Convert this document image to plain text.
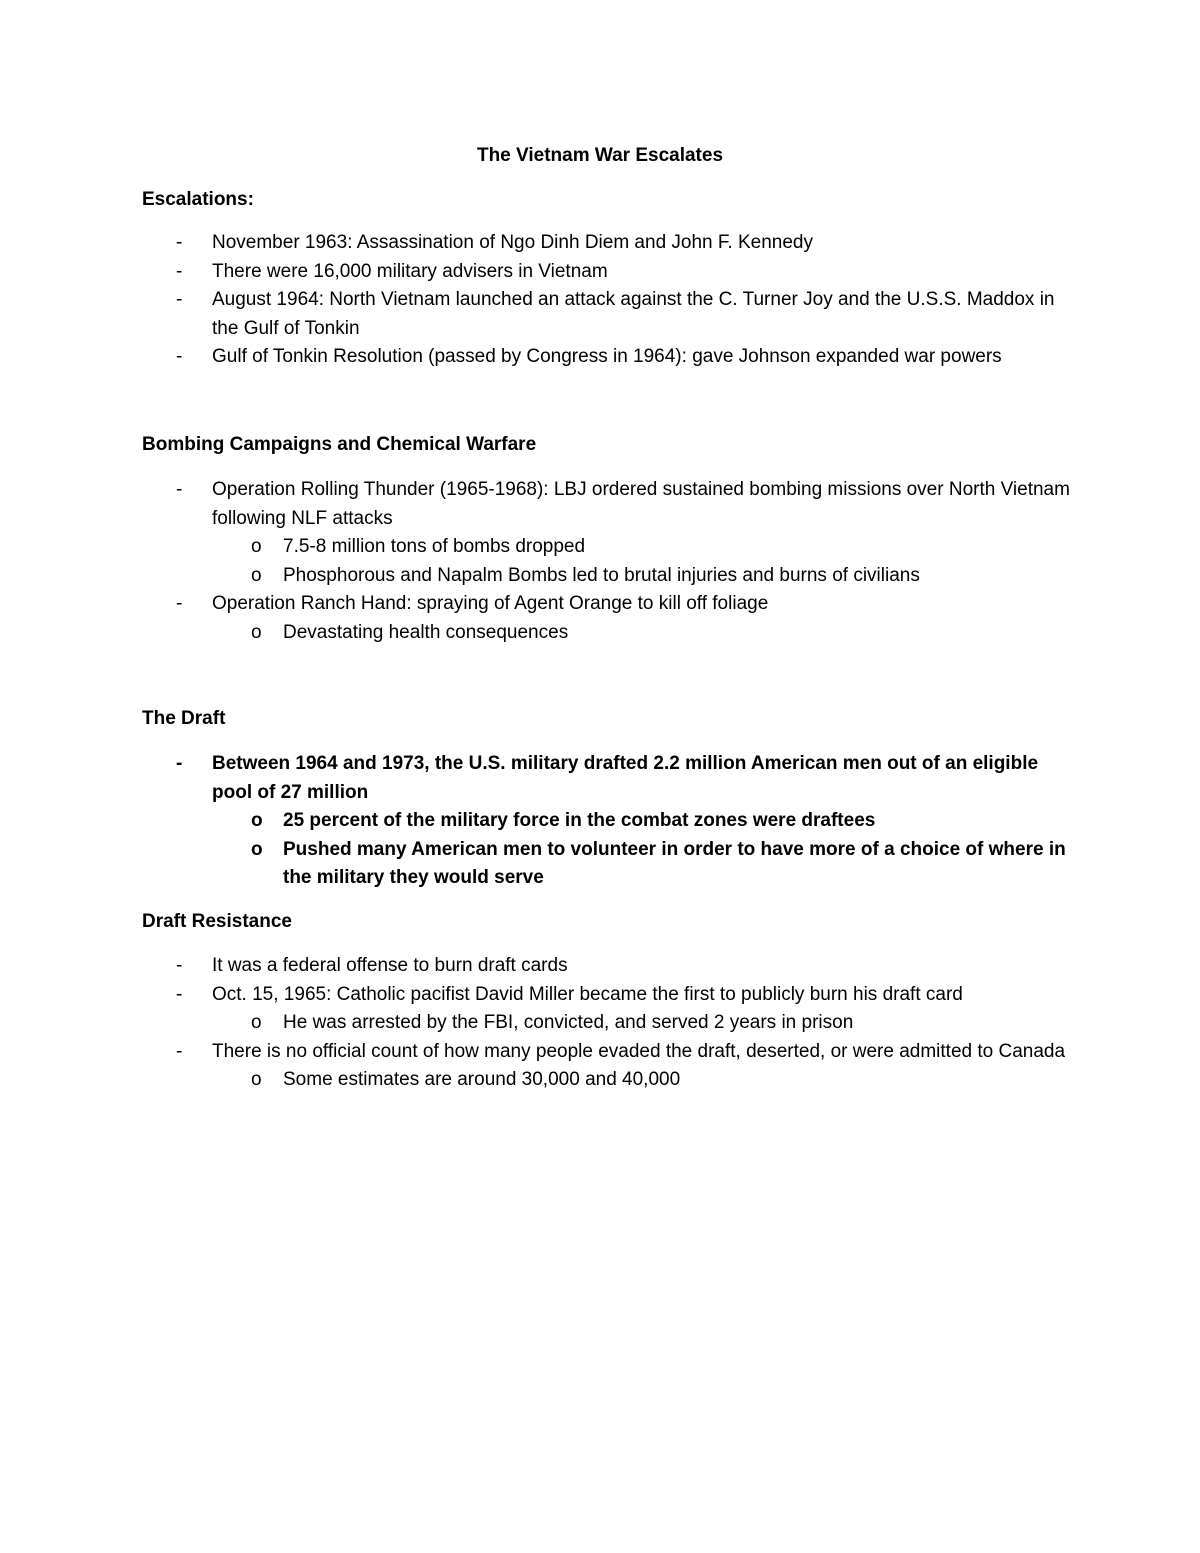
The Vietnam War Escalates
Escalations:
-	November 1963: Assassination of Ngo Dinh Diem and John F. Kennedy
-	There were 16,000 military advisers in Vietnam
-	August 1964: North Vietnam launched an attack against the C. Turner Joy and the U.S.S. Maddox in the Gulf of Tonkin
-	Gulf of Tonkin Resolution (passed by Congress in 1964): gave Johnson expanded war powers
Bombing Campaigns and Chemical Warfare
-	Operation Rolling Thunder (1965-1968): LBJ ordered sustained bombing missions over North Vietnam following NLF attacks
o	7.5-8 million tons of bombs dropped
o	Phosphorous and Napalm Bombs led to brutal injuries and burns of civilians
-	Operation Ranch Hand: spraying of Agent Orange to kill off foliage
o	Devastating health consequences
The Draft
-	Between 1964 and 1973, the U.S. military drafted 2.2 million American men out of an eligible pool of 27 million
o	25 percent of the military force in the combat zones were draftees
o	Pushed many American men to volunteer in order to have more of a choice of where in the military they would serve
Draft Resistance
-	It was a federal offense to burn draft cards
-	Oct. 15, 1965: Catholic pacifist David Miller became the first to publicly burn his draft card
o	He was arrested by the FBI, convicted, and served 2 years in prison
-	There is no official count of how many people evaded the draft, deserted, or were admitted to Canada
o	Some estimates are around 30,000 and 40,000
